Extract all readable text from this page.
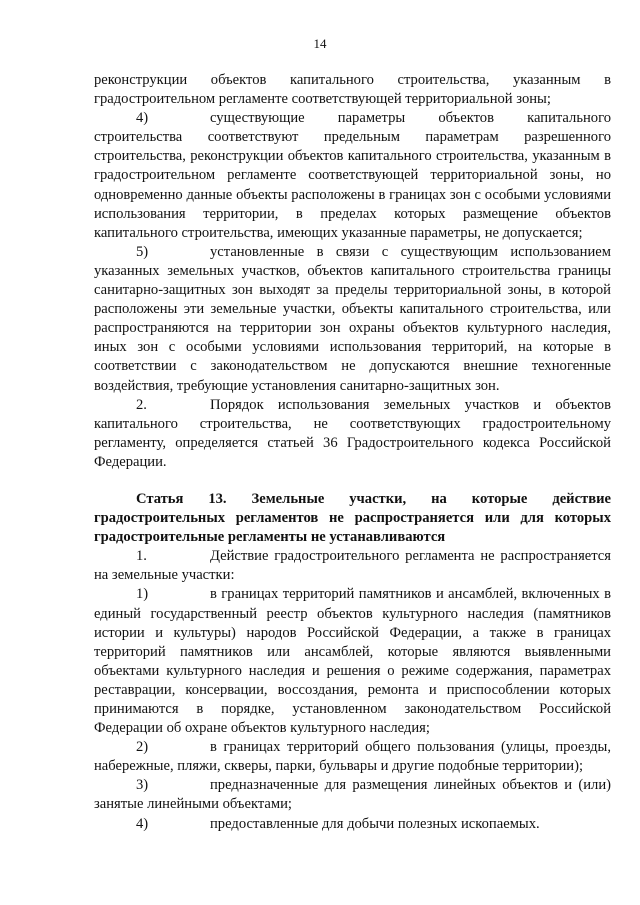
14

реконструкции объектов капитального строительства, указанным в градостроительном регламенте соответствующей территориальной зоны;

4)	существующие параметры объектов капитального строительства соответствуют предельным параметрам разрешенного строительства, реконструкции объектов капитального строительства, указанным в градостроительном регламенте соответствующей территориальной зоны, но одновременно данные объекты расположены в границах зон с особыми условиями использования территории, в пределах которых размещение объектов капитального строительства, имеющих указанные параметры, не допускается;

5)	установленные в связи с существующим использованием указанных земельных участков, объектов капитального строительства границы санитарно-защитных зон выходят за пределы территориальной зоны, в которой расположены эти земельные участки, объекты капитального строительства, или распространяются на территории зон охраны объектов культурного наследия, иных зон с особыми условиями использования территорий, на которые в соответствии с законодательством не допускаются внешние техногенные воздействия, требующие установления санитарно-защитных зон.

2.	Порядок использования земельных участков и объектов капитального строительства, не соответствующих градостроительному регламенту, определяется статьей 36 Градостроительного кодекса Российской Федерации.

Статья 13. Земельные участки, на которые действие градостроительных регламентов не распространяется или для которых градостроительные регламенты не устанавливаются

1.	Действие градостроительного регламента не распространяется на земельные участки:

1)	в границах территорий памятников и ансамблей, включенных в единый государственный реестр объектов культурного наследия (памятников истории и культуры) народов Российской Федерации, а также в границах территорий памятников или ансамблей, которые являются выявленными объектами культурного наследия и решения о режиме содержания, параметрах реставрации, консервации, воссоздания, ремонта и приспособлении которых принимаются в порядке, установленном законодательством Российской Федерации об охране объектов культурного наследия;

2)	в границах территорий общего пользования (улицы, проезды, набережные, пляжи, скверы, парки, бульвары и другие подобные территории);

3)	предназначенные для размещения линейных объектов и (или) занятые линейными объектами;

4)	предоставленные для добычи полезных ископаемых.
